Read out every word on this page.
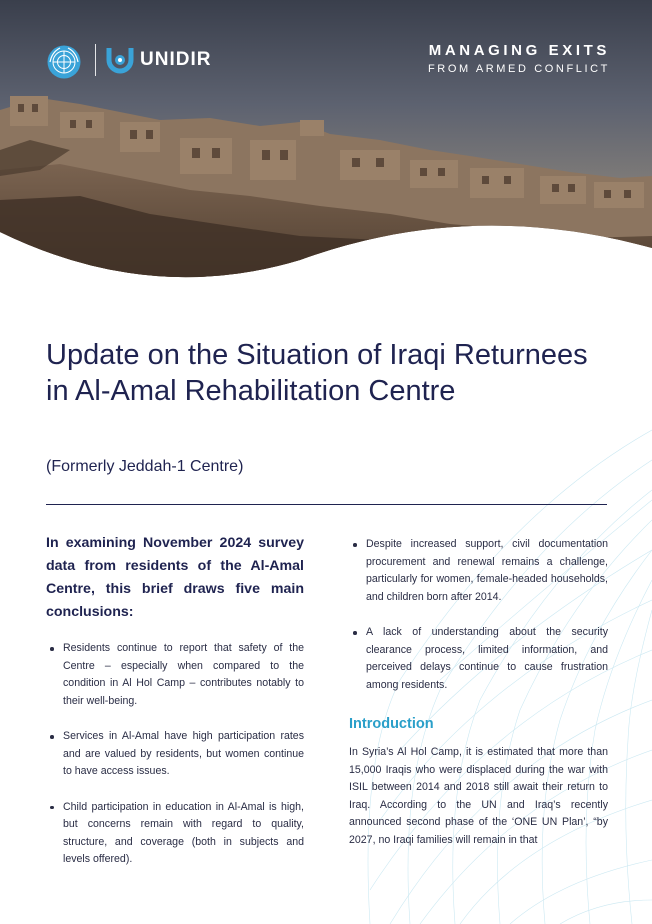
UNIDIR	MANAGING EXITS
FROM ARMED CONFLICT
Update on the Situation of Iraqi Returnees in Al-Amal Rehabilitation Centre
(Formerly Jeddah-1 Centre)

In examining November 2024 survey data from residents of the Al-Amal Centre, this brief draws five main conclusions:

Residents continue to report that safety of the Centre – especially when compared to the condition in Al Hol Camp – contributes notably to their well-being.
Services in Al-Amal have high participation rates and are valued by residents, but women continue to have access issues.
Child participation in education in Al-Amal is high, but concerns remain with regard to quality, structure, and coverage (both in subjects and levels offered).
Despite increased support, civil documentation procurement and renewal remains a challenge, particularly for women, female-headed households, and children born after 2014.
A lack of understanding about the security clearance process, limited information, and perceived delays continue to cause frustration among residents.
Introduction

In Syria’s Al Hol Camp, it is estimated that more than 15,000 Iraqis who were displaced during the war with ISIL between 2014 and 2018 still await their return to Iraq. According to the UN and Iraq’s recently announced second phase of the ‘ONE UN Plan’, “by 2027, no Iraqi families will remain in that
